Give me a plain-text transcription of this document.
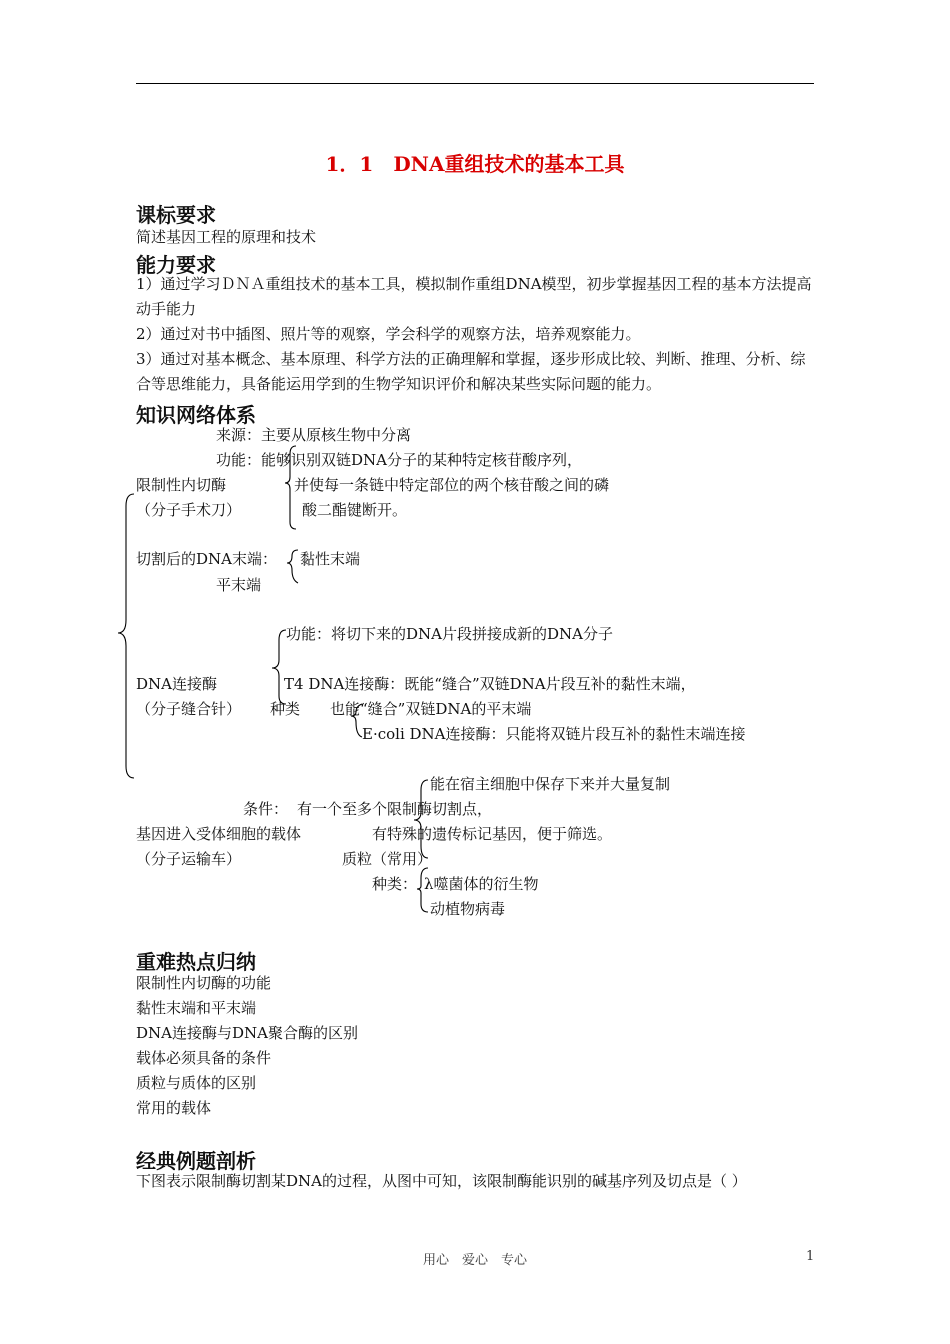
1．1　DNA重组技术的基本工具
课标要求
简述基因工程的原理和技术
能力要求
1）通过学习ＤＮＡ重组技术的基本工具，模拟制作重组DNA模型，初步掌握基因工程的基本方法提高动手能力
2）通过对书中插图、照片等的观察，学会科学的观察方法，培养观察能力。
3）通过对基本概念、基本原理、科学方法的正确理解和掌握，逐步形成比较、判断、推理、分析、综合等思维能力，具备能运用学到的生物学知识评价和解决某些实际问题的能力。
知识网络体系
来源：主要从原核生物中分离
功能：能够识别双链DNA分子的某种特定核苷酸序列，
限制性内切酶	并使每一条链中特定部位的两个核苷酸之间的磷
（分子手术刀）	酸二酯键断开。
切割后的DNA末端： 黏性末端
平末端
功能：将切下来的DNA片段拼接成新的DNA分子
DNA连接酶	T4 DNA连接酶：既能“缝合”双链DNA片段互补的黏性末端，
（分子缝合针） 种类 也能“缝合”双链DNA的平末端
E·coli DNA连接酶：只能将双链片段互补的黏性末端连接
能在宿主细胞中保存下来并大量复制
条件： 有一个至多个限制酶切割点，
基因进入受体细胞的载体	有特殊的遗传标记基因，便于筛选。
（分子运输车）	质粒（常用）
种类： λ噬菌体的衍生物
动植物病毒
重难热点归纳
限制性内切酶的功能
黏性末端和平末端
DNA连接酶与DNA聚合酶的区别
载体必须具备的条件
质粒与质体的区别
常用的载体
经典例题剖析
下图表示限制酶切割某DNA的过程，从图中可知，该限制酶能识别的碱基序列及切点是（ ）
用心　爱心　专心	1
